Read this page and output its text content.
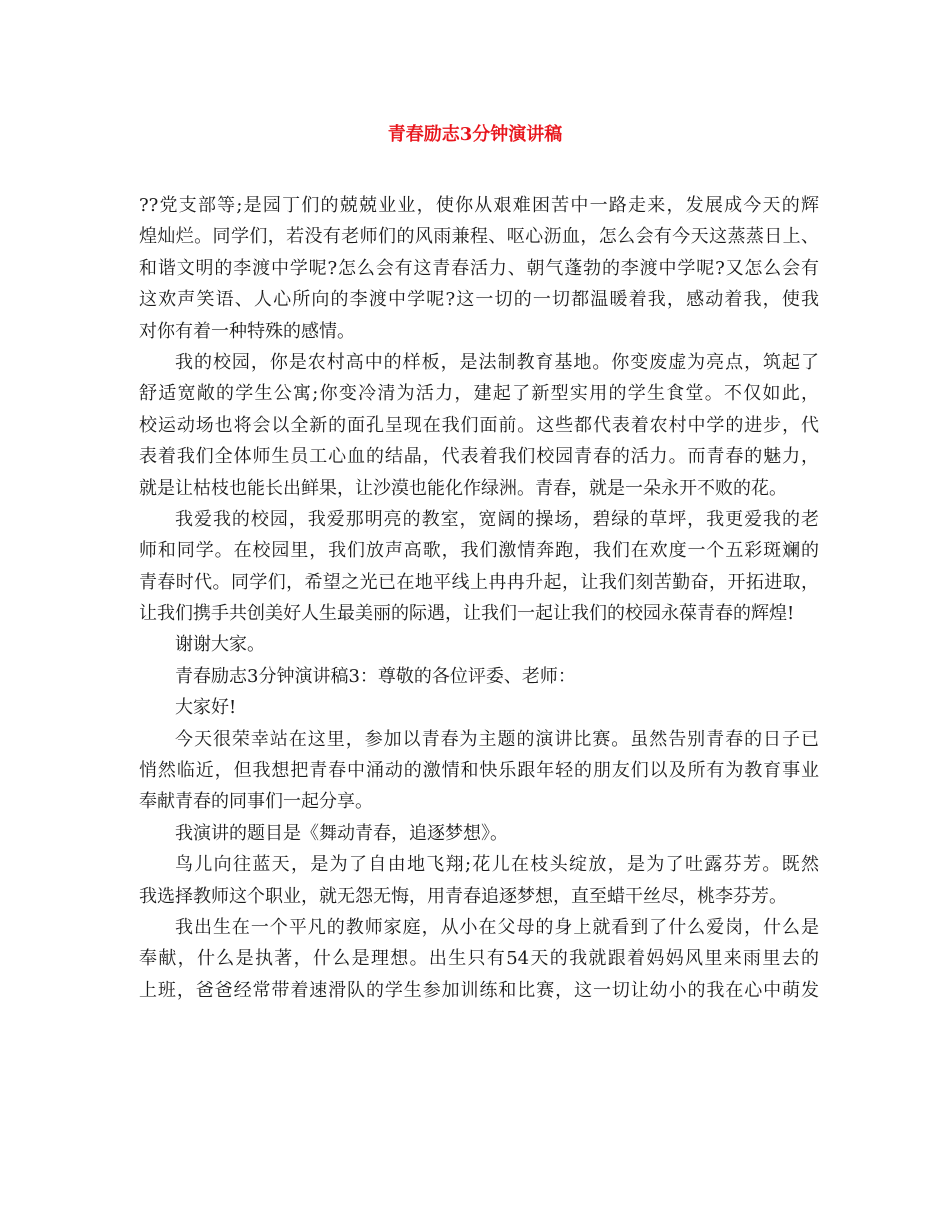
青春励志3分钟演讲稿
??党支部等;是园丁们的兢兢业业，使你从艰难困苦中一路走来，发展成今天的辉
煌灿烂。同学们，若没有老师们的风雨兼程、呕心沥血，怎么会有今天这蒸蒸日上、
和谐文明的李渡中学呢?怎么会有这青春活力、朝气蓬勃的李渡中学呢?又怎么会有
这欢声笑语、人心所向的李渡中学呢?这一切的一切都温暖着我，感动着我，使我
对你有着一种特殊的感情。
我的校园，你是农村高中的样板，是法制教育基地。你变废虚为亮点，筑起了
舒适宽敞的学生公寓;你变冷清为活力，建起了新型实用的学生食堂。不仅如此，
校运动场也将会以全新的面孔呈现在我们面前。这些都代表着农村中学的进步，代
表着我们全体师生员工心血的结晶，代表着我们校园青春的活力。而青春的魅力，
就是让枯枝也能长出鲜果，让沙漠也能化作绿洲。青春，就是一朵永开不败的花。
我爱我的校园，我爱那明亮的教室，宽阔的操场，碧绿的草坪，我更爱我的老
师和同学。在校园里，我们放声高歌，我们激情奔跑，我们在欢度一个五彩斑斓的
青春时代。同学们，希望之光已在地平线上冉冉升起，让我们刻苦勤奋，开拓进取，
让我们携手共创美好人生最美丽的际遇，让我们一起让我们的校园永葆青春的辉煌!
谢谢大家。
青春励志3分钟演讲稿3：尊敬的各位评委、老师：
大家好!
今天很荣幸站在这里，参加以青春为主题的演讲比赛。虽然告别青春的日子已
悄然临近，但我想把青春中涌动的激情和快乐跟年轻的朋友们以及所有为教育事业
奉献青春的同事们一起分享。
我演讲的题目是《舞动青春，追逐梦想》。
鸟儿向往蓝天，是为了自由地飞翔;花儿在枝头绽放，是为了吐露芬芳。既然
我选择教师这个职业，就无怨无悔，用青春追逐梦想，直至蜡干丝尽，桃李芬芳。
我出生在一个平凡的教师家庭，从小在父母的身上就看到了什么爱岗，什么是
奉献，什么是执著，什么是理想。出生只有54天的我就跟着妈妈风里来雨里去的
上班，爸爸经常带着速滑队的学生参加训练和比赛，这一切让幼小的我在心中萌发
